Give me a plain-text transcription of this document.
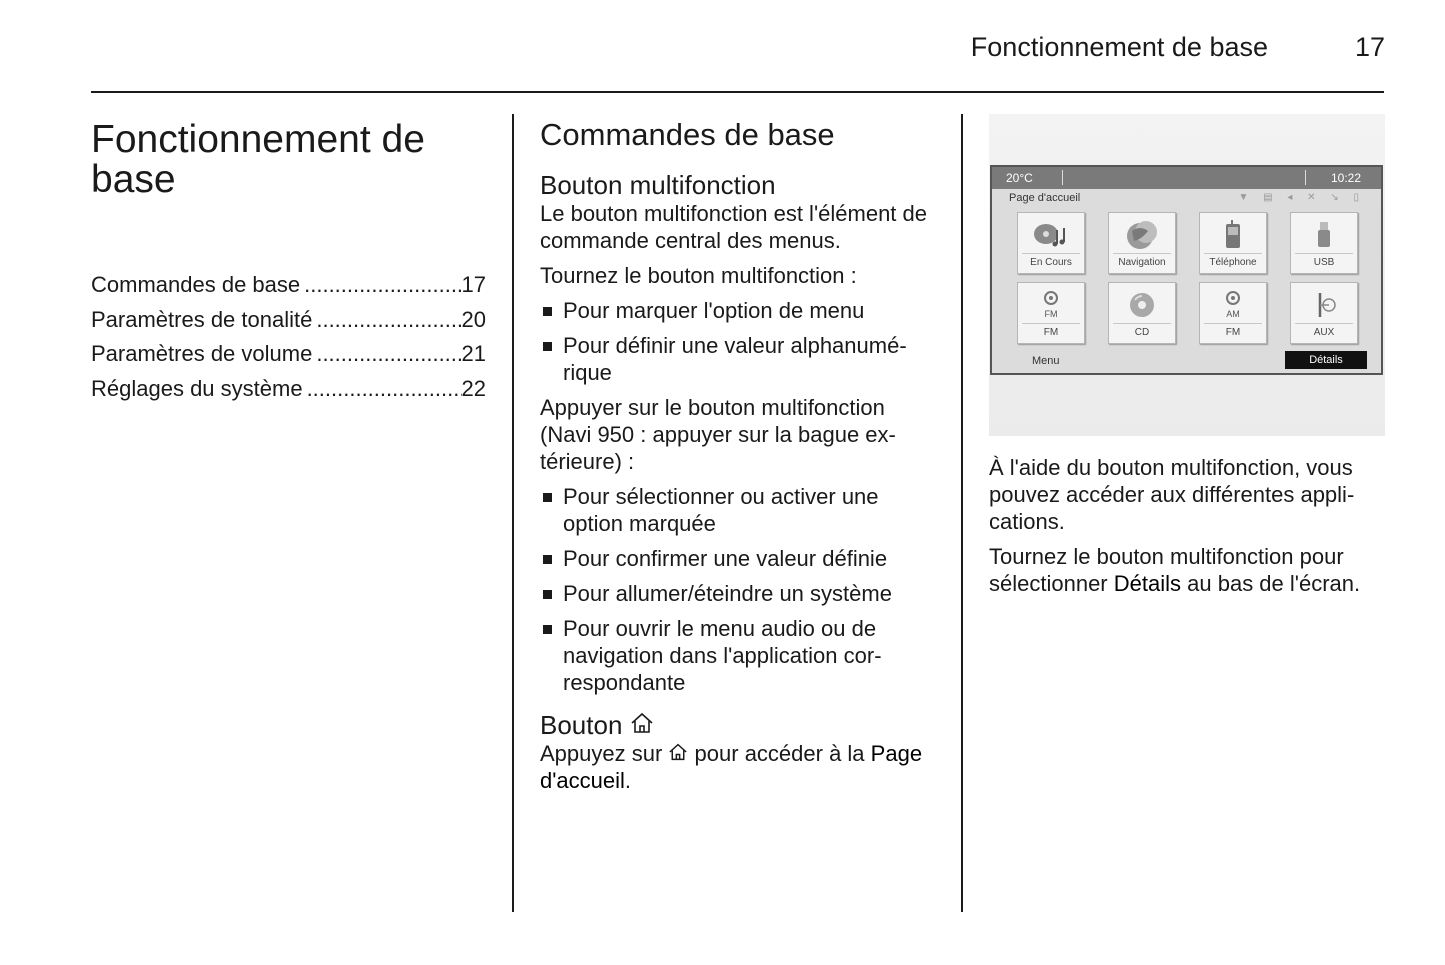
Fonctionnement de base	17
Fonctionnement de base
Commandes de base .....	17
Paramètres de tonalité .....	20
Paramètres de volume .....	21
Réglages du système .....	22
Commandes de base
Bouton multifonction

Le bouton multifonction est l'élément de commande central des menus.

Tournez le bouton multifonction :

Pour marquer l'option de menu
Pour définir une valeur alphanumérique

Appuyer sur le bouton multifonction (Navi 950 : appuyer sur la bague extérieure) :

Pour sélectionner ou activer une option marquée
Pour confirmer une valeur définie
Pour allumer/éteindre un système
Pour ouvrir le menu audio ou de navigation dans l'application correspondante
Bouton

Appuyez sur pour accéder à la Page d'accueil.

20°C	10:22
Page d'accueil	▼ ▤ ◂ ✕ ↘ ▯
En Cours	Navigation	Téléphone	USB
FM
FM	CD
AM
FM	AUX
Menu	Détails

À l'aide du bouton multifonction, vous pouvez accéder aux différentes applications.

Tournez le bouton multifonction pour sélectionner Détails au bas de l'écran.
